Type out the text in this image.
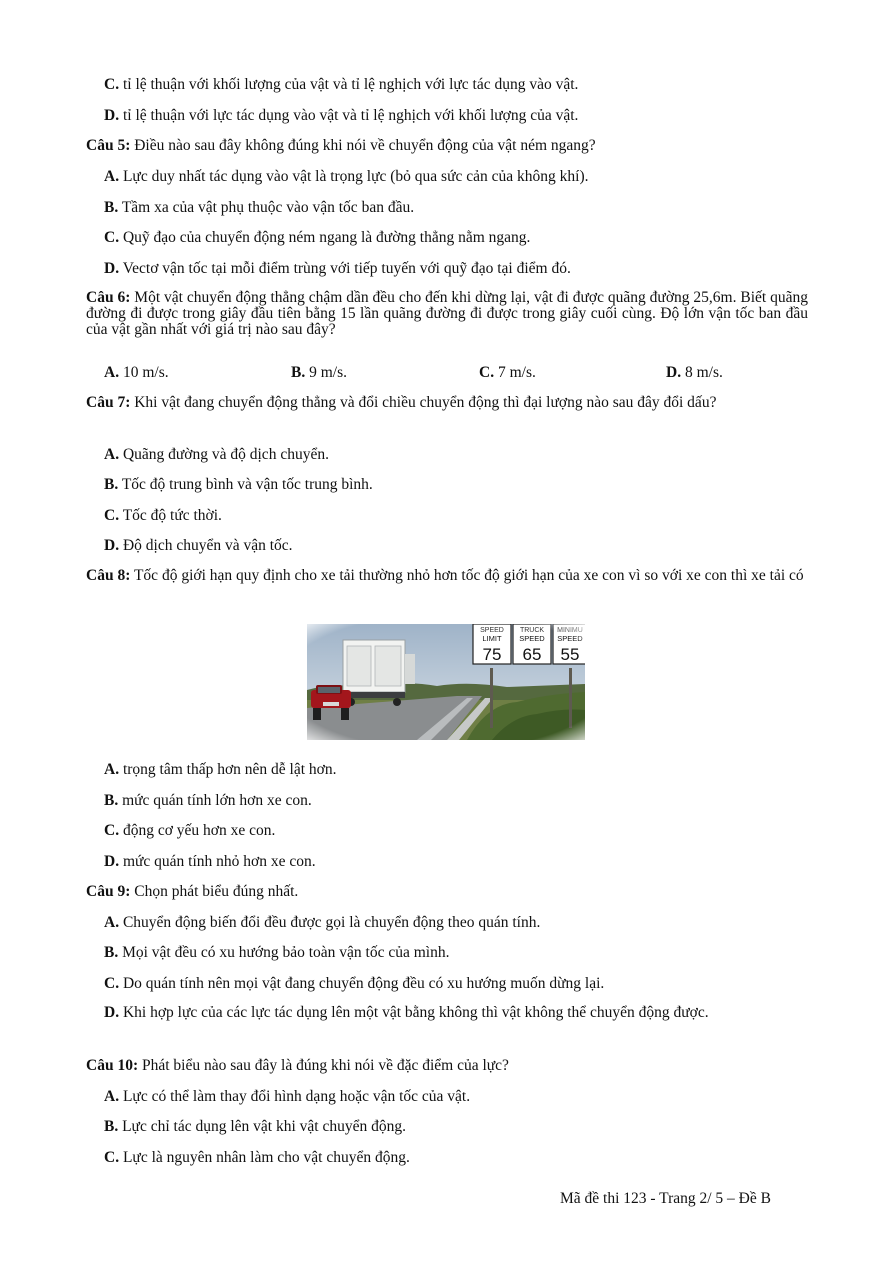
C. tỉ lệ thuận với khối lượng của vật và tỉ lệ nghịch với lực tác dụng vào vật.
D. tỉ lệ thuận với lực tác dụng vào vật và tỉ lệ nghịch với khối lượng của vật.
Câu 5: Điều nào sau đây không đúng khi nói về chuyển động của vật ném ngang?
A. Lực duy nhất tác dụng vào vật là trọng lực (bỏ qua sức cản của không khí).
B. Tầm xa của vật phụ thuộc vào vận tốc ban đầu.
C. Quỹ đạo của chuyển động ném ngang là đường thẳng nằm ngang.
D. Vectơ vận tốc tại mỗi điểm trùng với tiếp tuyến với quỹ đạo tại điểm đó.
Câu 6: Một vật chuyển động thẳng chậm dần đều cho đến khi dừng lại, vật đi được quãng đường 25,6m. Biết quãng đường đi được trong giây đầu tiên bằng 15 lần quãng đường đi được trong giây cuối cùng. Độ lớn vận tốc ban đầu của vật gần nhất với giá trị nào sau đây?
A. 10 m/s.	B. 9 m/s.	C. 7 m/s.	D. 8 m/s.
Câu 7: Khi vật đang chuyển động thẳng và đổi chiều chuyển động thì đại lượng nào sau đây đổi dấu?
A. Quãng đường và độ dịch chuyển.
B. Tốc độ trung bình và vận tốc trung bình.
C. Tốc độ tức thời.
D. Độ dịch chuyển và vận tốc.
Câu 8: Tốc độ giới hạn quy định cho xe tải thường nhỏ hơn tốc độ giới hạn của xe con vì so với xe con thì xe tải có
A. trọng tâm thấp hơn nên dễ lật hơn.
B. mức quán tính lớn hơn xe con.
C. động cơ yếu hơn xe con.
D. mức quán tính nhỏ hơn xe con.
Câu 9: Chọn phát biểu đúng nhất.
A. Chuyển động biến đổi đều được gọi là chuyển động theo quán tính.
B. Mọi vật đều có xu hướng bảo toàn vận tốc của mình.
C. Do quán tính nên mọi vật đang chuyển động đều có xu hướng muốn dừng lại.
D. Khi hợp lực của các lực tác dụng lên một vật bằng không thì vật không thể chuyển động được.
Câu 10: Phát biểu nào sau đây là đúng khi nói về đặc điểm của lực?
A. Lực có thể làm thay đổi hình dạng hoặc vận tốc của vật.
B. Lực chỉ tác dụng lên vật khi vật chuyển động.
C. Lực là nguyên nhân làm cho vật chuyển động.
Mã đề thi 123 - Trang 2/ 5 – Đề B
